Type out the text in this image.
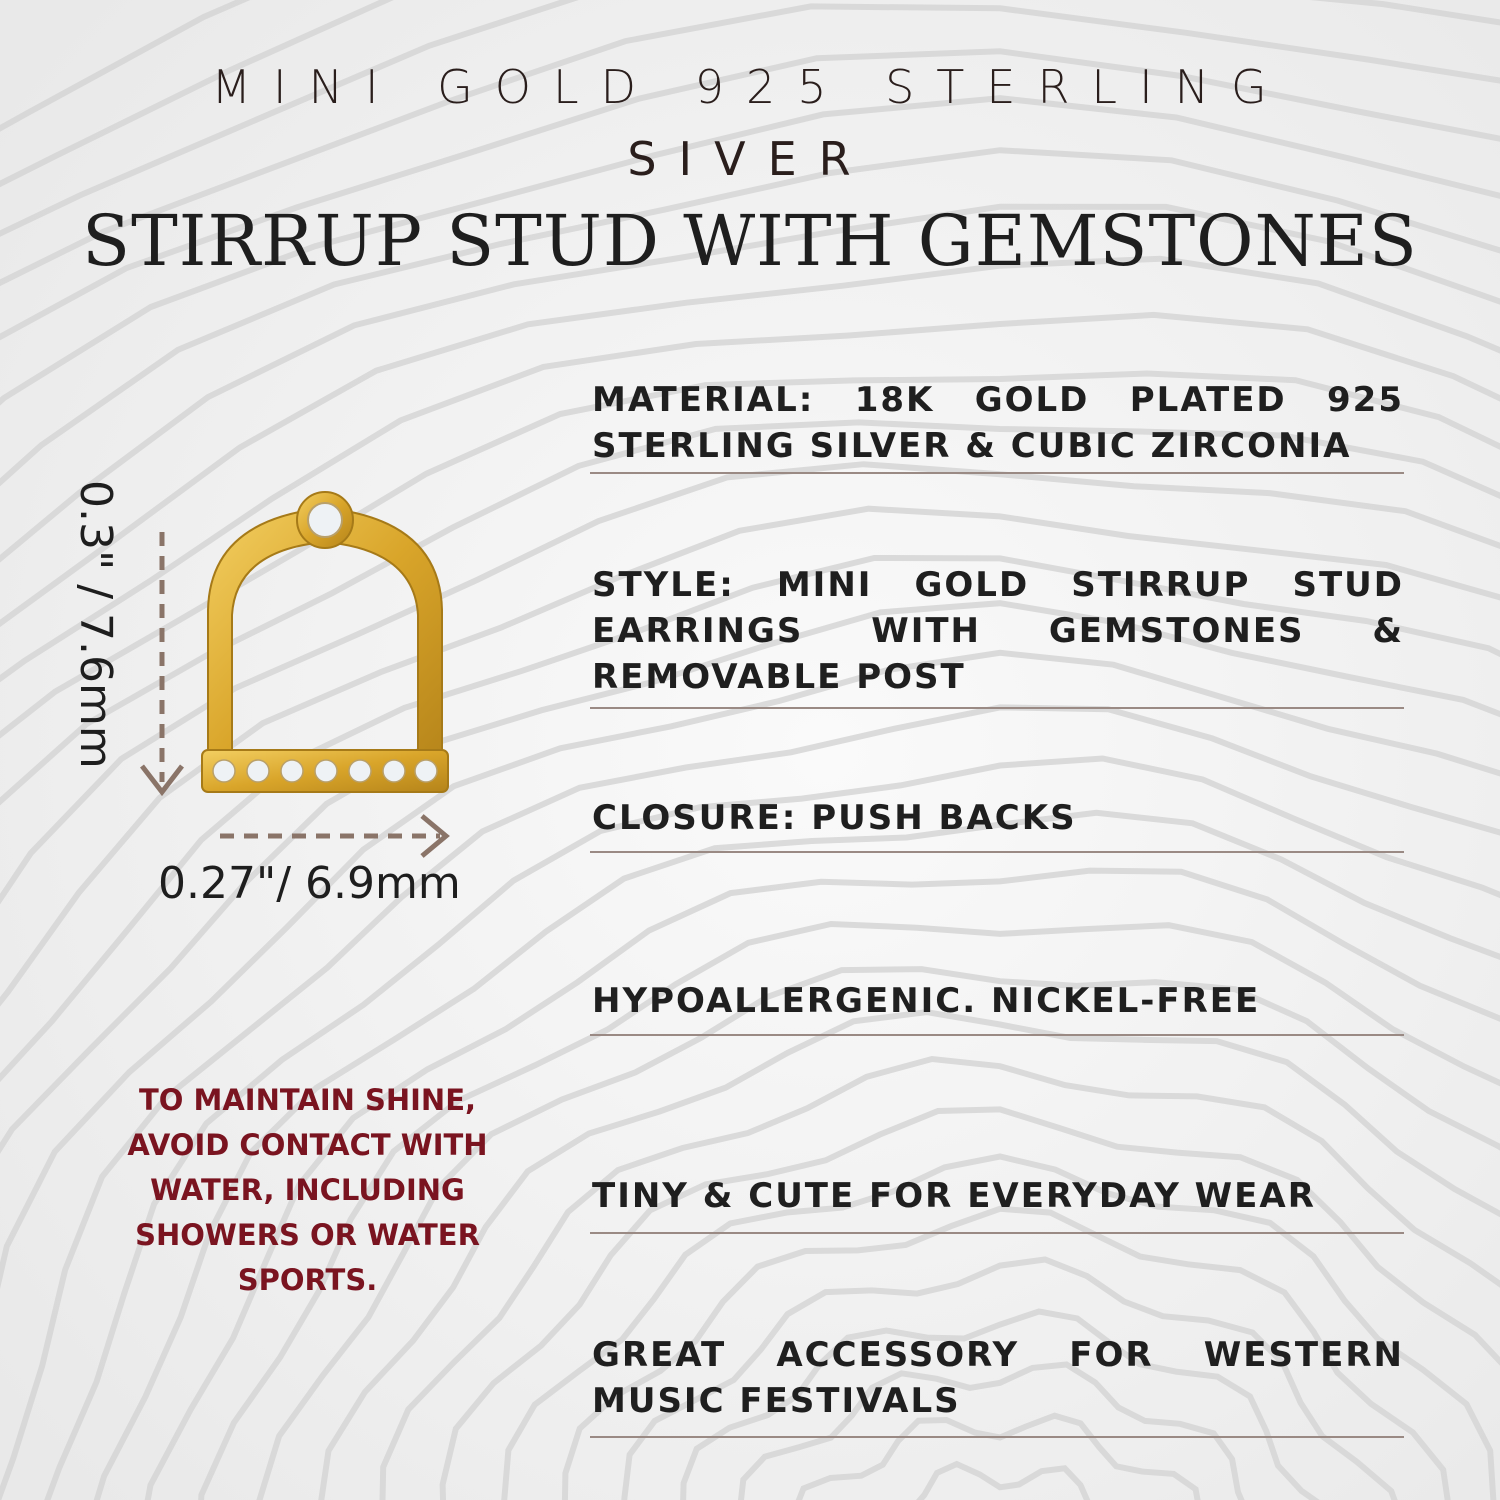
MINI GOLD 925 STERLING
SIVER
STIRRUP STUD WITH GEMSTONES
0.3" / 7.6mm
0.27"/ 6.9mm
MATERIAL: 18K GOLD PLATED 925 STERLING SILVER & CUBIC ZIRCONIA
STYLE: MINI GOLD STIRRUP STUD EARRINGS WITH GEMSTONES & REMOVABLE POST
CLOSURE: PUSH BACKS
HYPOALLERGENIC. NICKEL-FREE
TINY & CUTE FOR EVERYDAY WEAR
GREAT ACCESSORY FOR WESTERN MUSIC FESTIVALS
TO MAINTAIN SHINE, AVOID CONTACT WITH WATER, INCLUDING SHOWERS OR WATER SPORTS.
